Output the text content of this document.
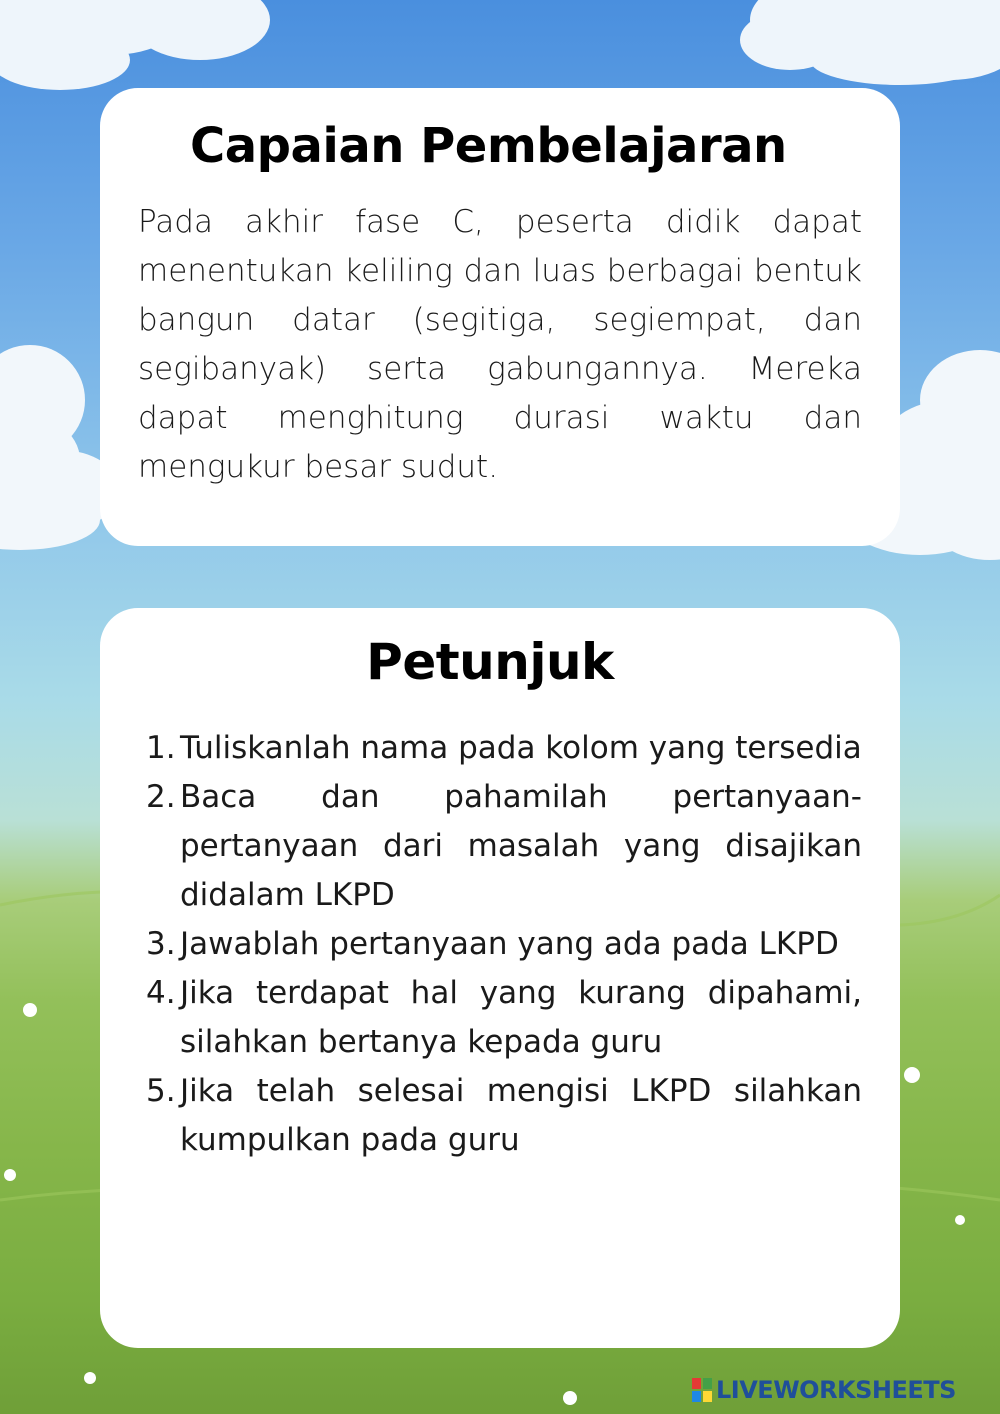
Capaian Pembelajaran

Pada akhir fase C, peserta didik dapat menentukan keliling dan luas berbagai bentuk bangun datar (segitiga, segiempat, dan segibanyak) serta gabungannya. Mereka dapat menghitung durasi waktu dan mengukur besar sudut.

Petunjuk
1. Tuliskanlah nama pada kolom yang tersedia
2. Baca dan pahamilah pertanyaan-pertanyaan dari masalah yang disajikan didalam LKPD
3. Jawablah pertanyaan yang ada pada LKPD
4. Jika terdapat hal yang kurang dipahami, silahkan bertanya kepada guru
5. Jika telah selesai mengisi LKPD silahkan kumpulkan pada guru
LIVEWORKSHEETS
